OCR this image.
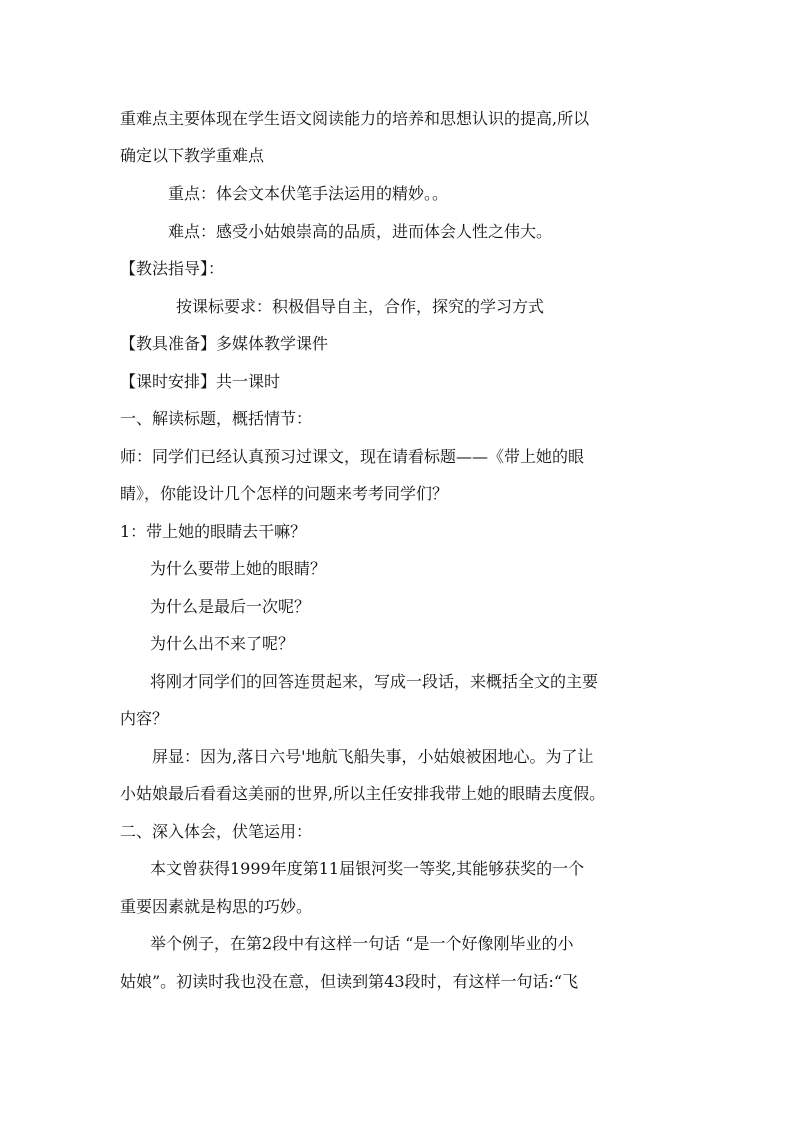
重难点主要体现在学生语文阅读能力的培养和思想认识的提高,所以
确定以下教学重难点
重点：体会文本伏笔手法运用的精妙。。
难点：感受小姑娘崇高的品质，进而体会人性之伟大。
【教法指导】：
按课标要求：积极倡导自主，合作，探究的学习方式
【教具准备】多媒体教学课件
【课时安排】共一课时
一、解读标题，概括情节：
师：同学们已经认真预习过课文，现在请看标题——《带上她的眼
睛》，你能设计几个怎样的问题来考考同学们？
1：带上她的眼睛去干嘛？
为什么要带上她的眼睛？
为什么是最后一次呢？
为什么出不来了呢？
将刚才同学们的回答连贯起来，写成一段话，来概括全文的主要
内容？
屏显：因为,落日六号'地航飞船失事，小姑娘被困地心。为了让
小姑娘最后看看这美丽的世界,所以主任安排我带上她的眼睛去度假。
二、深入体会，伏笔运用：
本文曾获得1999年度第11届银河奖一等奖,其能够获奖的一个
重要因素就是构思的巧妙。
举个例子，在第2段中有这样一句话 “是一个好像刚毕业的小
姑娘”。初读时我也没在意，但读到第43段时，有这样一句话:“飞
